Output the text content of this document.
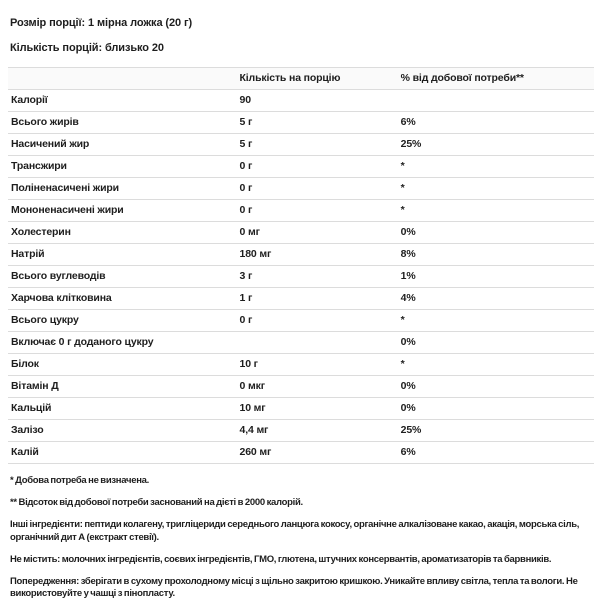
Розмір порції: 1 мірна ложка (20 г)
Кількість порцій: близько 20
	Кількість на порцію	% від добової потреби**
Калорії	90	
Всього жирів	5 г	6%
Насичений жир	5 г	25%
Трансжири	0 г	*
Поліненасичені жири	0 г	*
Мононенасичені жири	0 г	*
Холестерин	0 мг	0%
Натрій	180 мг	8%
Всього вуглеводів	3 г	1%
Харчова клітковина	1 г	4%
Всього цукру	0 г	*
Включає 0 г доданого цукру		0%
Білок	10 г	*
Вітамін Д	0 мкг	0%
Кальцій	10 мг	0%
Залізо	4,4 мг	25%
Калій	260 мг	6%

* Добова потреба не визначена.

** Відсоток від добової потреби заснований на дієті в 2000 калорій.

Інші інгредієнти: пептиди колагену, тригліцериди середнього ланцюга кокосу, органічне алкалізоване какао, акація, морська сіль, органічний дит А (екстракт стевії).

Не містить: молочних інгредієнтів, соєвих інгредієнтів, ГМО, глютена, штучних консервантів, ароматизаторів та барвників.

Попередження: зберігати в сухому прохолодному місці з щільно закритою кришкою. Уникайте впливу світла, тепла та вологи. Не використовуйте у чашці з пінопласту.
